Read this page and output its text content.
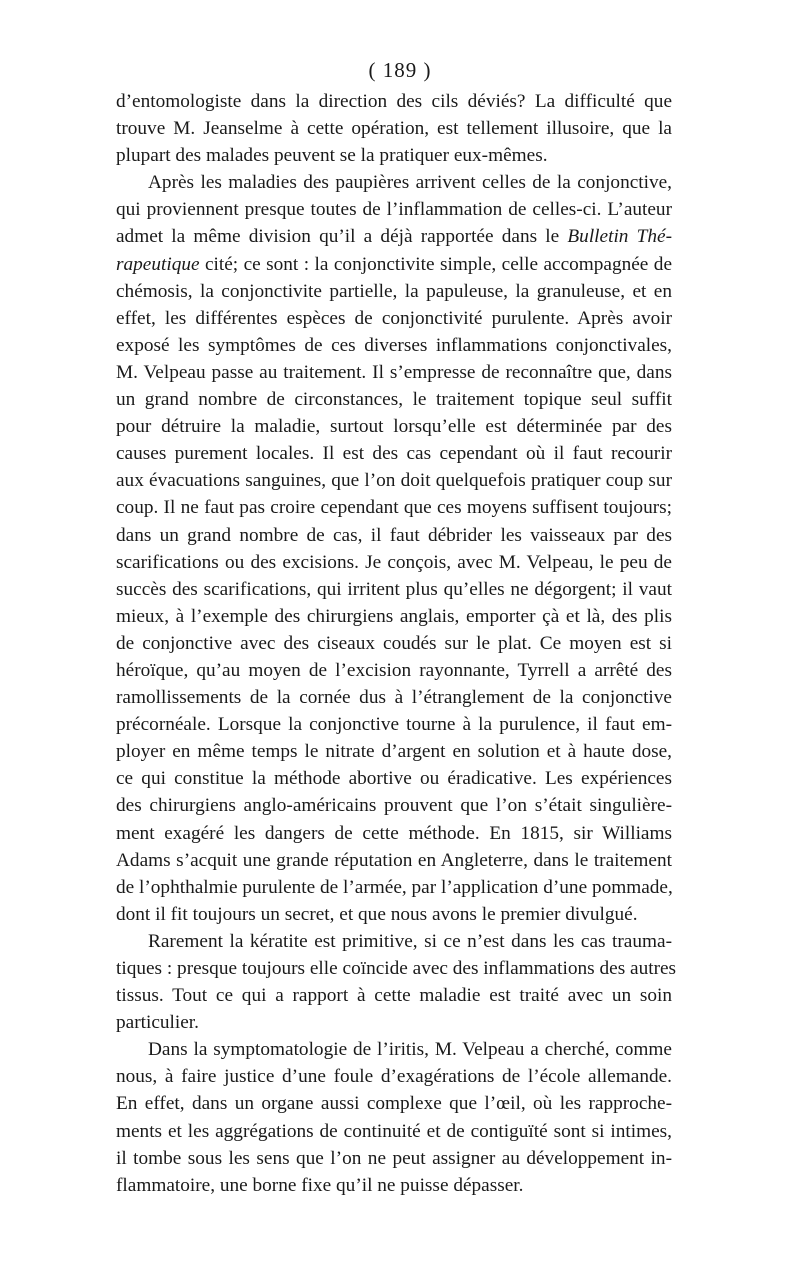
( 189 )
d’entomologiste dans la direction des cils déviés? La difficulté que
trouve M. Jeanselme à cette opération, est tellement illusoire, que la
plupart des malades peuvent se la pratiquer eux-mêmes.
Après les maladies des paupières arrivent celles de la conjonctive,
qui proviennent presque toutes de l’inflammation de celles-ci. L’auteur
admet la même division qu’il a déjà rapportée dans le Bulletin Thé-
rapeutique cité; ce sont : la conjonctivite simple, celle accompagnée de
chémosis, la conjonctivite partielle, la papuleuse, la granuleuse, et en
effet, les différentes espèces de conjonctivité purulente. Après avoir
exposé les symptômes de ces diverses inflammations conjonctivales,
M. Velpeau passe au traitement. Il s’empresse de reconnaître que, dans
un grand nombre de circonstances, le traitement topique seul suffit
pour détruire la maladie, surtout lorsqu’elle est déterminée par des
causes purement locales. Il est des cas cependant où il faut recourir
aux évacuations sanguines, que l’on doit quelquefois pratiquer coup sur
coup. Il ne faut pas croire cependant que ces moyens suffisent toujours;
dans un grand nombre de cas, il faut débrider les vaisseaux par des
scarifications ou des excisions. Je conçois, avec M. Velpeau, le peu de
succès des scarifications, qui irritent plus qu’elles ne dégorgent; il vaut
mieux, à l’exemple des chirurgiens anglais, emporter çà et là, des plis
de conjonctive avec des ciseaux coudés sur le plat. Ce moyen est si
héroïque, qu’au moyen de l’excision rayonnante, Tyrrell a arrêté des
ramollissements de la cornée dus à l’étranglement de la conjonctive
précornéale. Lorsque la conjonctive tourne à la purulence, il faut em-
ployer en même temps le nitrate d’argent en solution et à haute dose,
ce qui constitue la méthode abortive ou éradicative. Les expériences
des chirurgiens anglo-américains prouvent que l’on s’était singulière-
ment exagéré les dangers de cette méthode. En 1815, sir Williams
Adams s’acquit une grande réputation en Angleterre, dans le traitement
de l’ophthalmie purulente de l’armée, par l’application d’une pommade,
dont il fit toujours un secret, et que nous avons le premier divulgué.
Rarement la kératite est primitive, si ce n’est dans les cas trauma-
tiques : presque toujours elle coïncide avec des inflammations des autres
tissus. Tout ce qui a rapport à cette maladie est traité avec un soin
particulier.
Dans la symptomatologie de l’iritis, M. Velpeau a cherché, comme
nous, à faire justice d’une foule d’exagérations de l’école allemande.
En effet, dans un organe aussi complexe que l’œil, où les rapproche-
ments et les aggrégations de continuité et de contiguïté sont si intimes,
il tombe sous les sens que l’on ne peut assigner au développement in-
flammatoire, une borne fixe qu’il ne puisse dépasser.
